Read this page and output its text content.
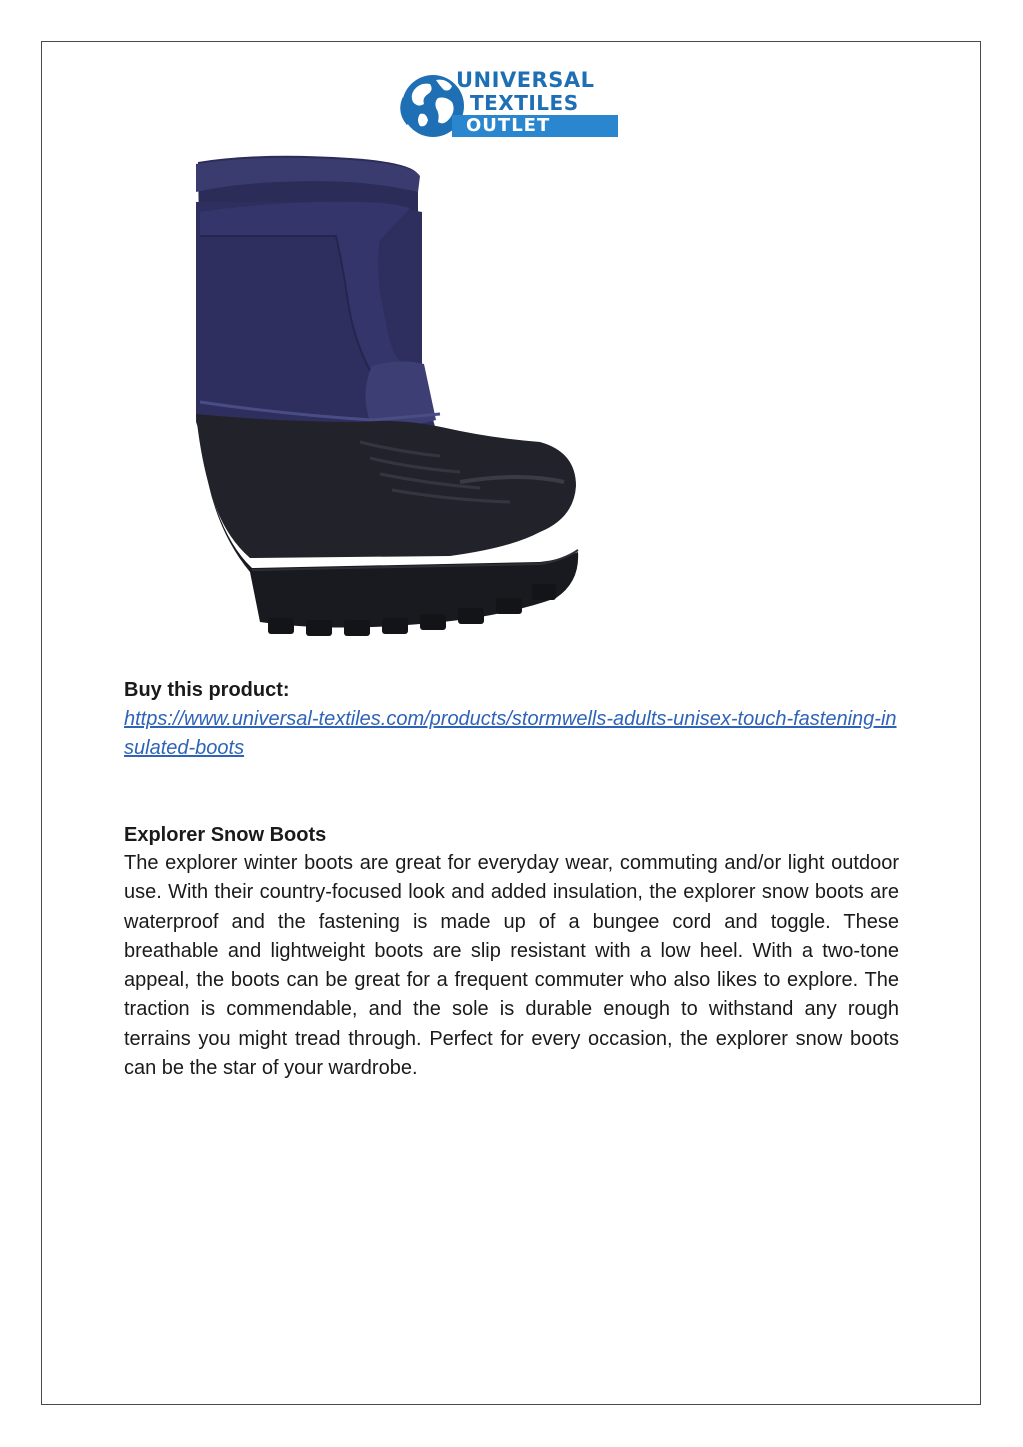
UNIVERSAL
TEXTILES
OUTLET
Buy this product:
https://www.universal-textiles.com/products/stormwells-adults-unisex-touch-fastening-insulated-boots
Explorer Snow Boots
The explorer winter boots are great for everyday wear, commuting and/or light outdoor use. With their country-focused look and added insulation, the explorer snow boots are waterproof and the fastening is made up of a bungee cord and toggle. These breathable and lightweight boots are slip resistant with a low heel. With a two-tone appeal, the boots can be great for a frequent commuter who also likes to explore. The traction is commendable, and the sole is durable enough to withstand any rough terrains you might tread through. Perfect for every occasion, the explorer snow boots can be the star of your wardrobe.
